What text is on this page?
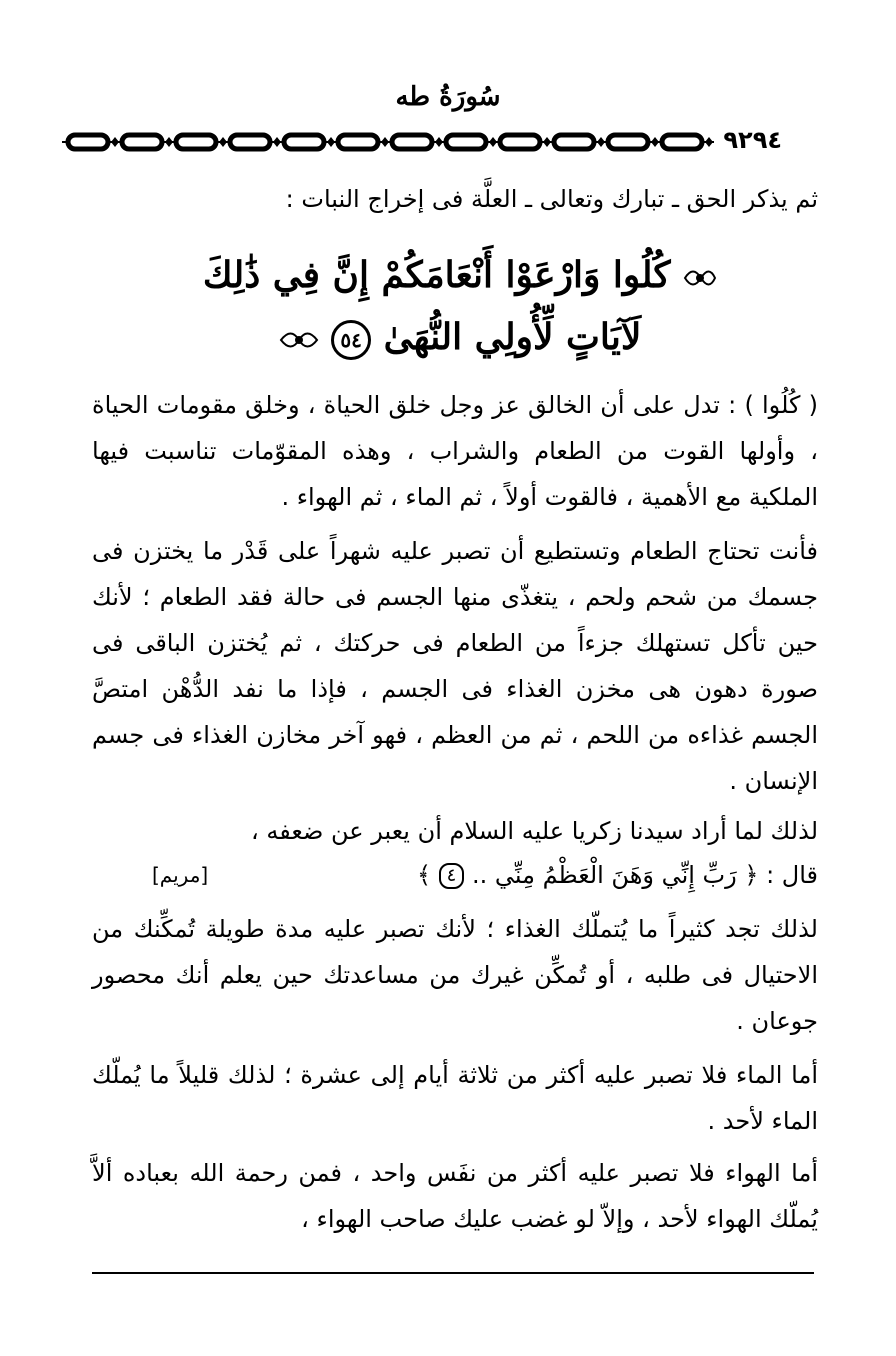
سُورَةُ طه
٩٢٩٤
ثم يذكر الحق ـ تبارك وتعالى ـ العلَّة فى إخراج النبات :
كُلُوا وَارْعَوْا أَنْعَامَكُمْ إِنَّ فِي ذَٰلِكَ
لَآيَاتٍ لِّأُولِي النُّهَىٰ ٥٤
( كُلُوا ) : تدل على أن الخالق عز وجل خلق الحياة ، وخلق مقومات الحياة ، وأولها القوت من الطعام والشراب ، وهذه المقوّمات تناسبت فيها الملكية مع الأهمية ، فالقوت أولاً ، ثم الماء ، ثم الهواء .
فأنت تحتاج الطعام وتستطيع أن تصبر عليه شهراً على قَدْر ما يختزن فى جسمك من شحم ولحم ، يتغذّى منها الجسم فى حالة فقد الطعام ؛ لأنك حين تأكل تستهلك جزءاً من الطعام فى حركتك ، ثم يُختزن الباقى فى صورة دهون هى مخزن الغذاء فى الجسم ، فإذا ما نفد الدُّهْن امتصَّ الجسم غذاءه من اللحم ، ثم من العظم ، فهو آخر مخازن الغذاء فى جسم الإنسان .
لذلك لما أراد سيدنا زكريا عليه السلام أن يعبر عن ضعفه ،
قال : ﴿ رَبِّ إِنِّي وَهَنَ الْعَظْمُ مِنِّي .. ٤ ﴾
[مريم]
لذلك تجد كثيراً ما يُتملّك الغذاء ؛ لأنك تصبر عليه مدة طويلة تُمكِّنك من الاحتيال فى طلبه ، أو تُمكِّن غيرك من مساعدتك حين يعلم أنك محصور جوعان .
أما الماء فلا تصبر عليه أكثر من ثلاثة أيام إلى عشرة ؛ لذلك قليلاً ما يُملّك الماء لأحد .
أما الهواء فلا تصبر عليه أكثر من نفَس واحد ، فمن رحمة الله بعباده ألاَّ يُملّك الهواء لأحد ، وإلاّ لو غضب عليك صاحب الهواء ،
